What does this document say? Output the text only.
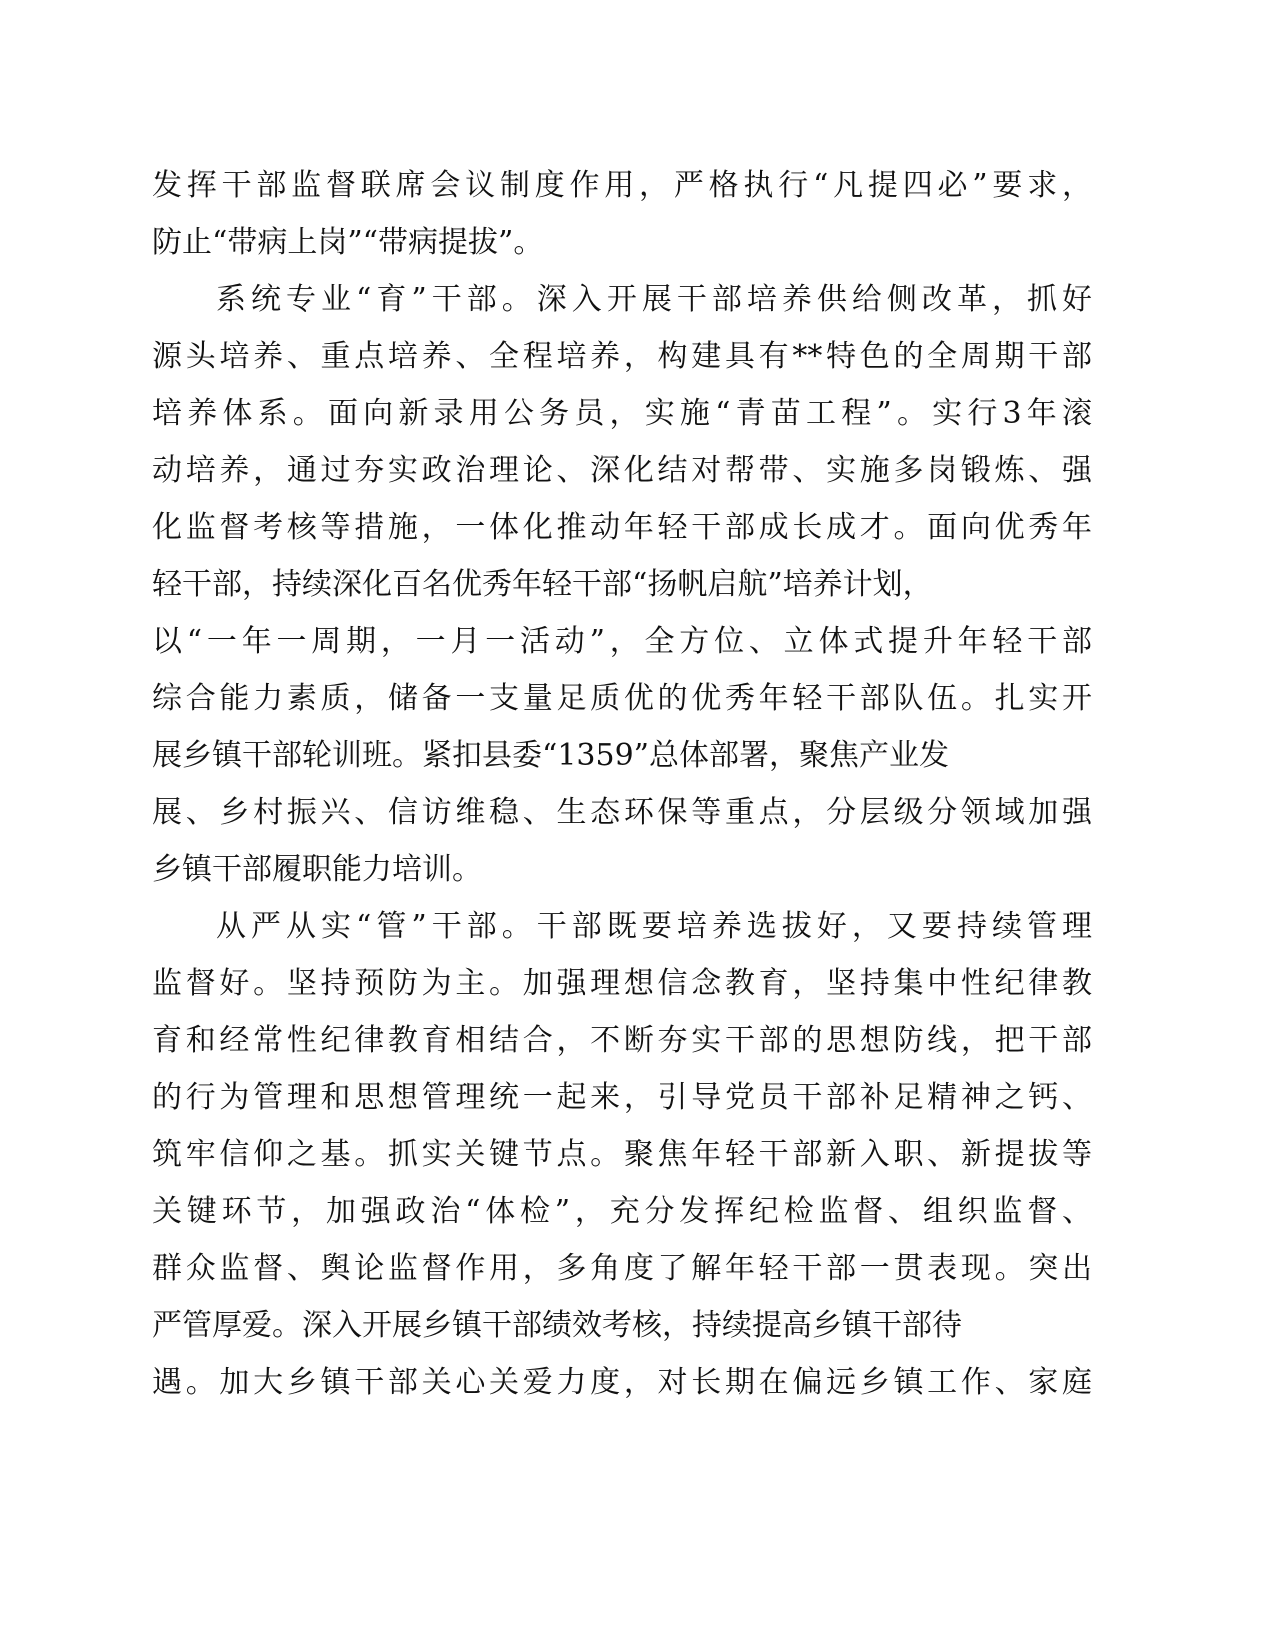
发挥干部监督联席会议制度作用，严格执行“凡提四必”要求，
防止“带病上岗”“带病提拔”。
系统专业“育”干部。深入开展干部培养供给侧改革，抓好
源头培养、重点培养、全程培养，构建具有**特色的全周期干部
培养体系。面向新录用公务员，实施“青苗工程”。实行3年滚
动培养，通过夯实政治理论、深化结对帮带、实施多岗锻炼、强
化监督考核等措施，一体化推动年轻干部成长成才。面向优秀年
轻干部，持续深化百名优秀年轻干部“扬帆启航”培养计划，
以“一年一周期，一月一活动”，全方位、立体式提升年轻干部
综合能力素质，储备一支量足质优的优秀年轻干部队伍。扎实开
展乡镇干部轮训班。紧扣县委“1359”总体部署，聚焦产业发
展、乡村振兴、信访维稳、生态环保等重点，分层级分领域加强
乡镇干部履职能力培训。
从严从实“管”干部。干部既要培养选拔好，又要持续管理
监督好。坚持预防为主。加强理想信念教育，坚持集中性纪律教
育和经常性纪律教育相结合，不断夯实干部的思想防线，把干部
的行为管理和思想管理统一起来，引导党员干部补足精神之钙、
筑牢信仰之基。抓实关键节点。聚焦年轻干部新入职、新提拔等
关键环节，加强政治“体检”，充分发挥纪检监督、组织监督、
群众监督、舆论监督作用，多角度了解年轻干部一贯表现。突出
严管厚爱。深入开展乡镇干部绩效考核，持续提高乡镇干部待
遇。加大乡镇干部关心关爱力度，对长期在偏远乡镇工作、家庭
